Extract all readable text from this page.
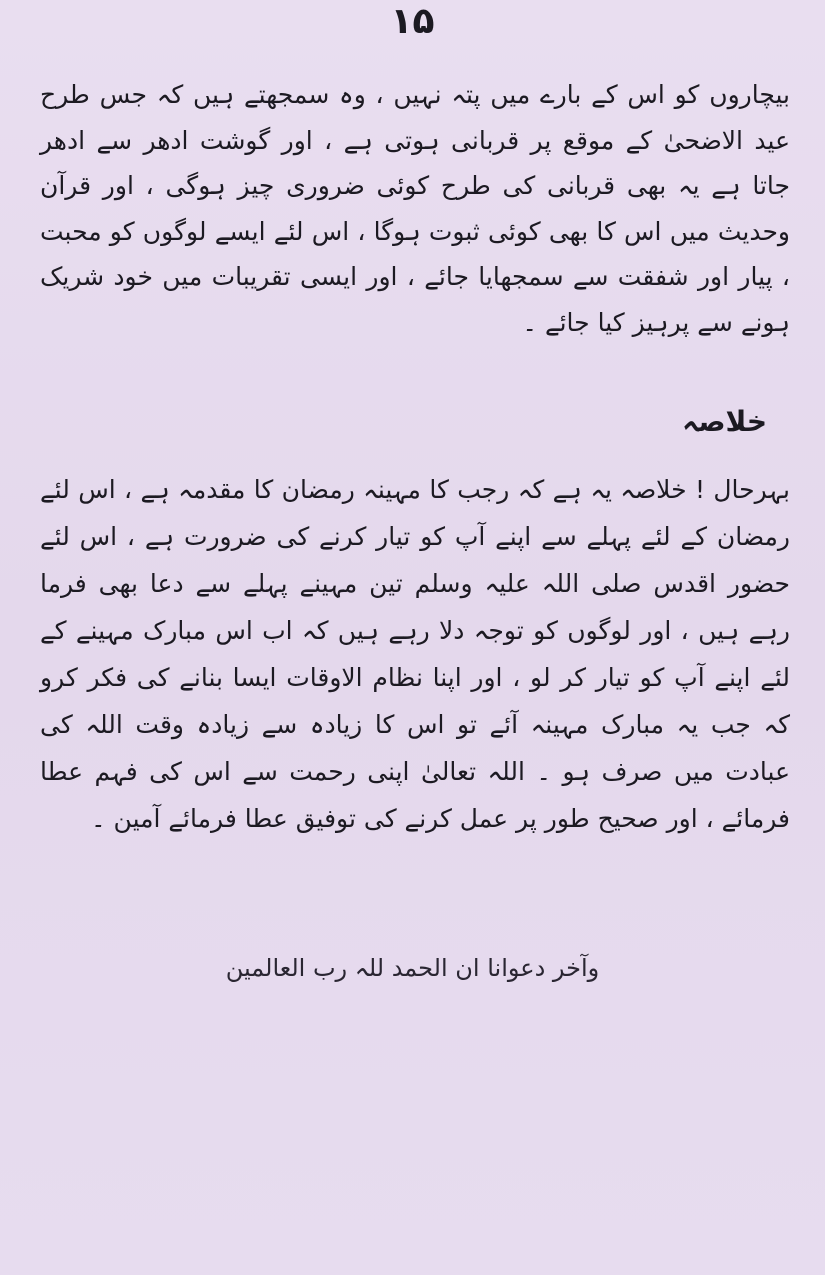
۱۵

بیچاروں کو اس کے بارے میں پتہ نہیں ، وہ سمجھتے ہیں کہ جس طرح عید الاضحیٰ کے موقع پر قربانی ہوتی ہے ، اور گوشت ادھر سے ادھر جاتا ہے یہ بھی قربانی کی طرح کوئی ضروری چیز ہوگی ، اور قرآن وحدیث میں اس کا بھی کوئی ثبوت ہوگا ، اس لئے ایسے لوگوں کو محبت ، پیار اور شفقت سے سمجھایا جائے ، اور ایسی تقریبات میں خود شریک ہونے سے پرہیز کیا جائے ۔

خلاصہ

بہرحال ! خلاصہ یہ ہے کہ رجب کا مہینہ رمضان کا مقدمہ ہے ، اس لئے رمضان کے لئے پہلے سے اپنے آپ کو تیار کرنے کی ضرورت ہے ، اس لئے حضور اقدس صلی اللہ علیہ وسلم تین مہینے پہلے سے دعا بھی فرما رہے ہیں ، اور لوگوں کو توجہ دلا رہے ہیں کہ اب اس مبارک مہینے کے لئے اپنے آپ کو تیار کر لو ، اور اپنا نظام الاوقات ایسا بنانے کی فکر کرو کہ جب یہ مبارک مہینہ آئے تو اس کا زیادہ سے زیادہ وقت اللہ کی عبادت میں صرف ہو ۔ اللہ تعالیٰ اپنی رحمت سے اس کی فہم عطا فرمائے ، اور صحیح طور پر عمل کرنے کی توفیق عطا فرمائے آمین ۔

وآخر دعوانا ان الحمد للہ رب العالمین
